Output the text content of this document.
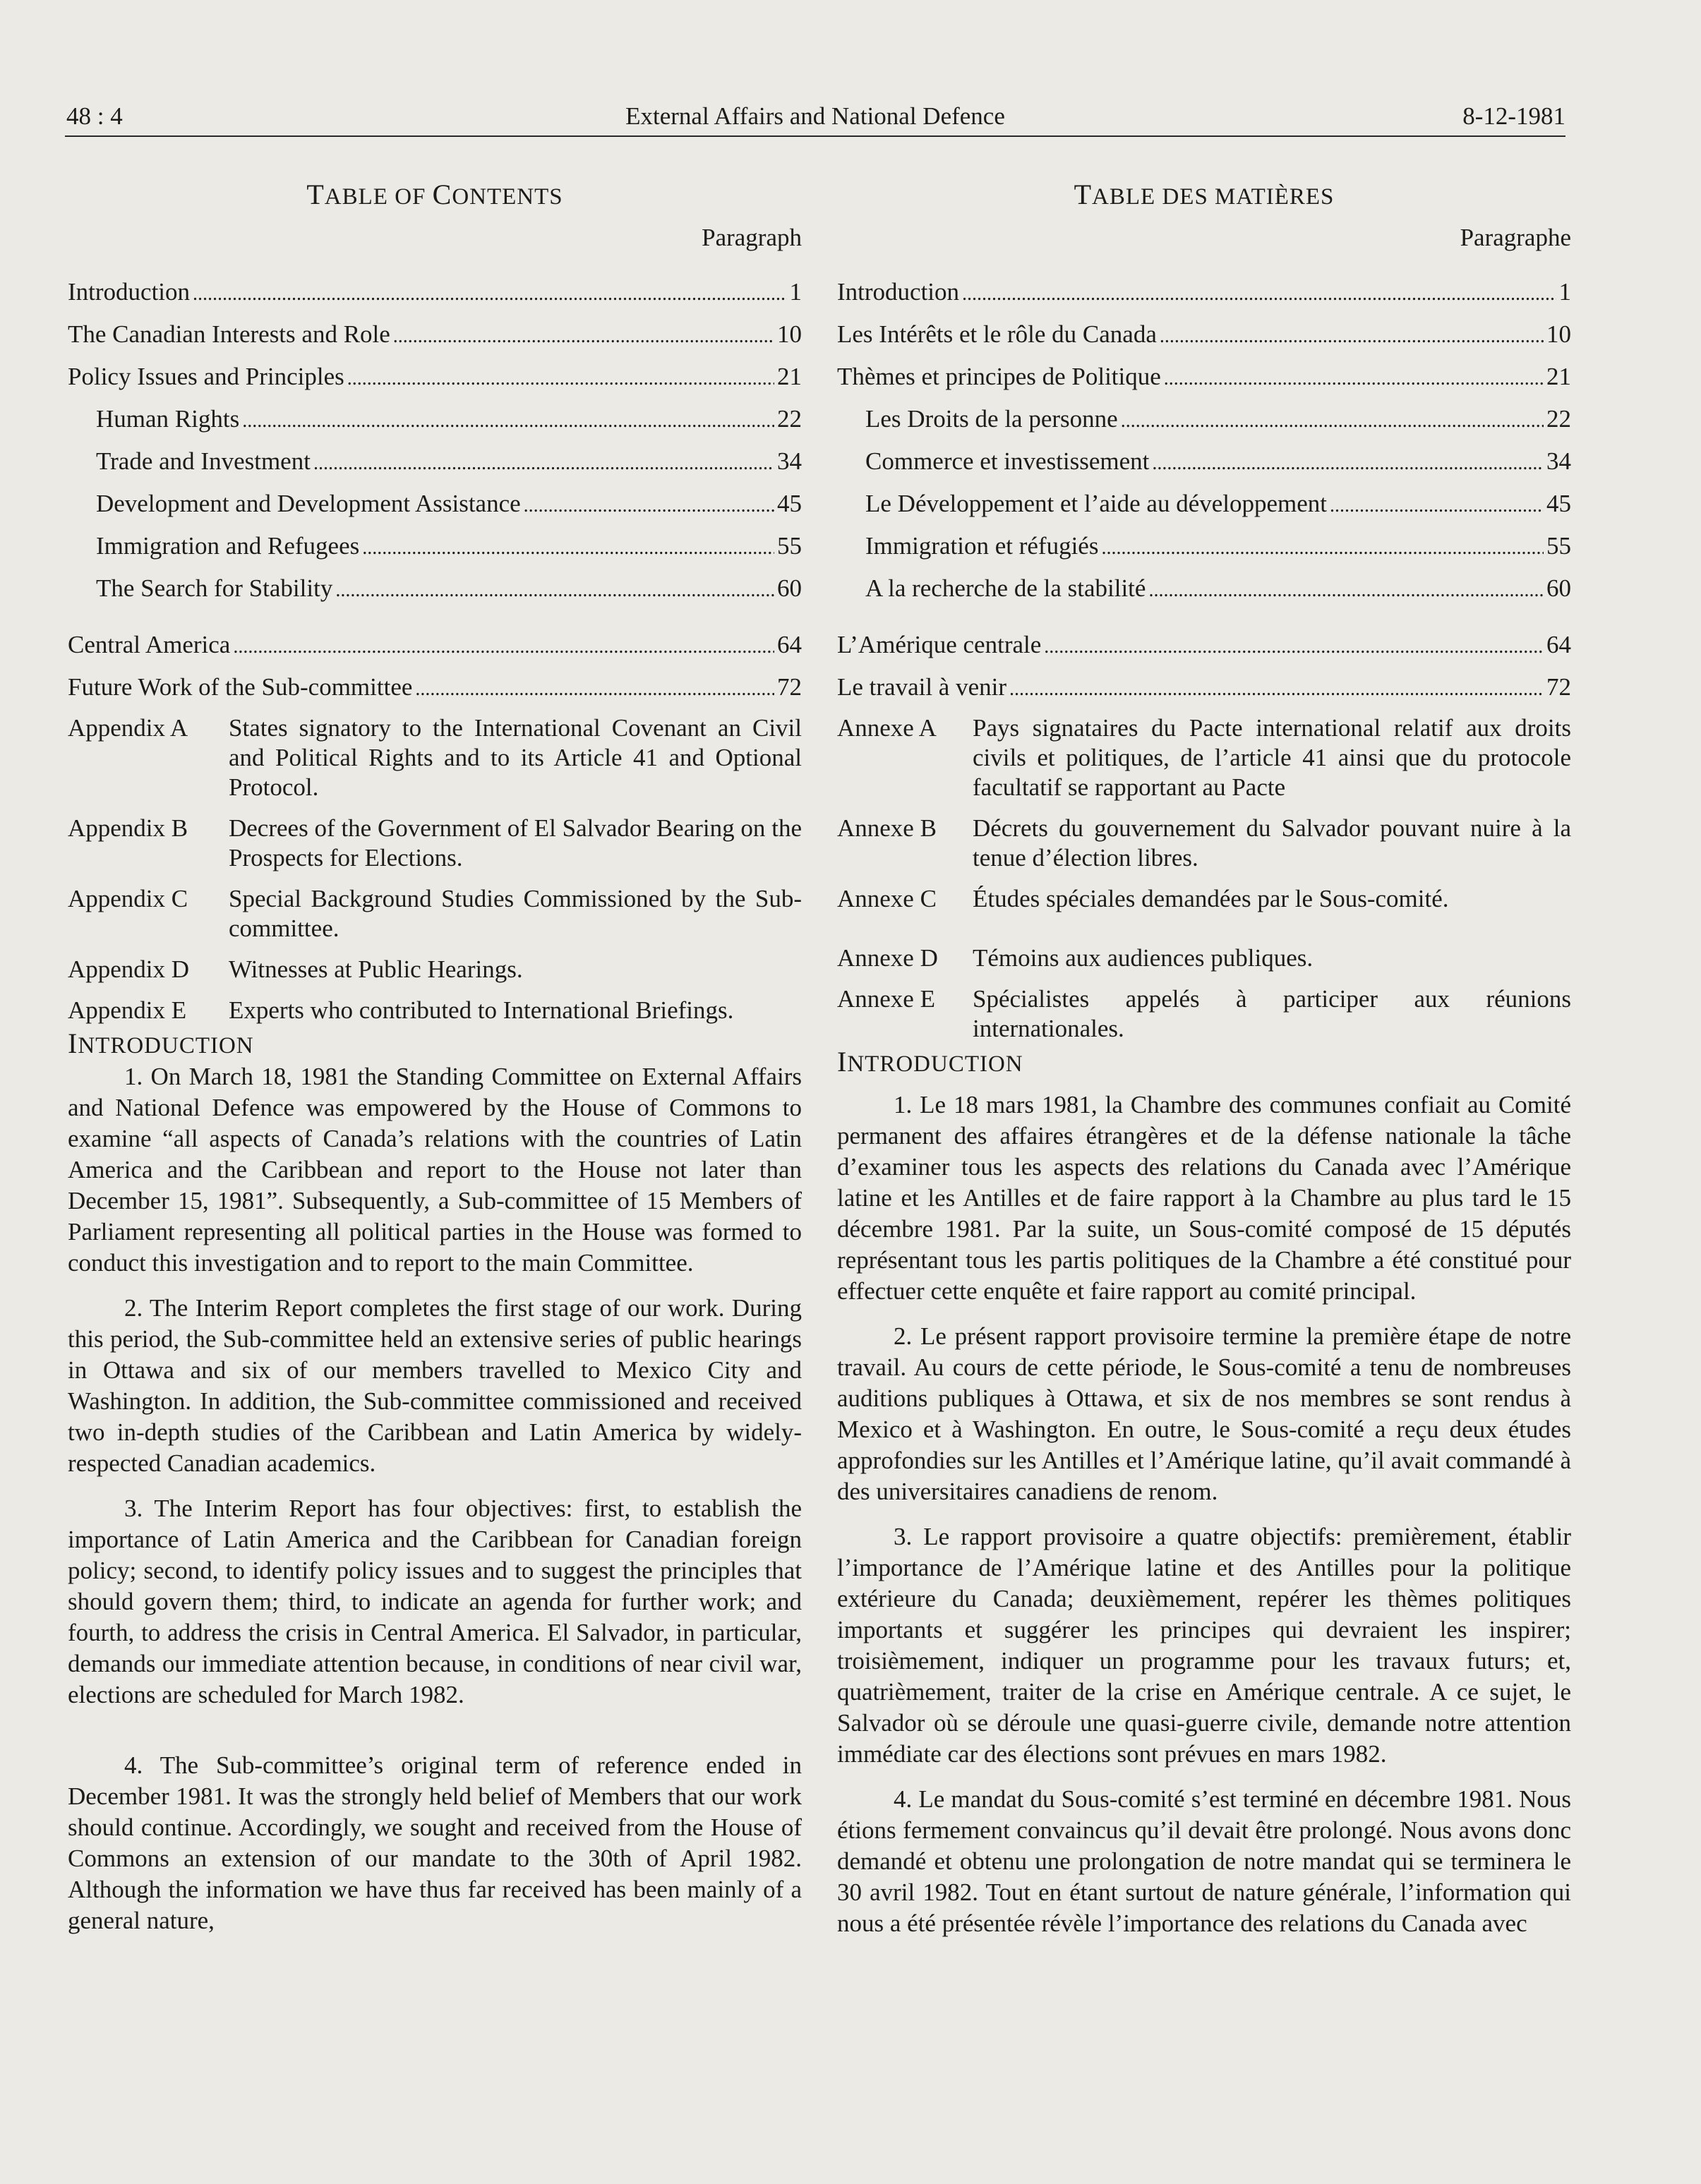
48 : 4	External Affairs and National Defence	8-12-1981
TABLE OF CONTENTS
Paragraph
Introduction .....	1
The Canadian Interests and Role .....	10
Policy Issues and Principles .....	21
Human Rights .....	22
Trade and Investment .....	34
Development and Development Assistance .....	45
Immigration and Refugees .....	55
The Search for Stability .....	60
Central America .....	64
Future Work of the Sub-committee .....	72
Appendix A	States signatory to the International Covenant an Civil and Political Rights and to its Article 41 and Optional Protocol.
Appendix B	Decrees of the Government of El Salvador Bearing on the Prospects for Elections.
Appendix C	Special Background Studies Commissioned by the Sub-committee.
Appendix D	Witnesses at Public Hearings.
Appendix E	Experts who contributed to International Briefings.
INTRODUCTION

1. On March 18, 1981 the Standing Committee on External Affairs and National Defence was empowered by the House of Commons to examine “all aspects of Canada’s relations with the countries of Latin America and the Caribbean and report to the House not later than December 15, 1981”. Subsequently, a Sub-committee of 15 Members of Parliament representing all political parties in the House was formed to conduct this investigation and to report to the main Committee.

2. The Interim Report completes the first stage of our work. During this period, the Sub-committee held an extensive series of public hearings in Ottawa and six of our members travelled to Mexico City and Washington. In addition, the Sub-committee commissioned and received two in-depth studies of the Caribbean and Latin America by widely-respected Canadian academics.

3. The Interim Report has four objectives: first, to establish the importance of Latin America and the Caribbean for Canadian foreign policy; second, to identify policy issues and to suggest the principles that should govern them; third, to indicate an agenda for further work; and fourth, to address the crisis in Central America. El Salvador, in particular, demands our immediate attention because, in conditions of near civil war, elections are scheduled for March 1982.

4. The Sub-committee’s original term of reference ended in December 1981. It was the strongly held belief of Members that our work should continue. Accordingly, we sought and received from the House of Commons an extension of our mandate to the 30th of April 1982. Although the information we have thus far received has been mainly of a general nature,

TABLE DES MATIÈRES
Paragraphe
Introduction .....	1
Les Intérêts et le rôle du Canada .....	10
Thèmes et principes de Politique .....	21
Les Droits de la personne .....	22
Commerce et investissement .....	34
Le Développement et l’aide au développement .....	45
Immigration et réfugiés .....	55
A la recherche de la stabilité .....	60
L’Amérique centrale .....	64
Le travail à venir .....	72
Annexe A	Pays signataires du Pacte international relatif aux droits civils et politiques, de l’article 41 ainsi que du protocole facultatif se rapportant au Pacte
Annexe B	Décrets du gouvernement du Salvador pouvant nuire à la tenue d’élection libres.
Annexe C	Études spéciales demandées par le Sous-comité.
Annexe D	Témoins aux audiences publiques.
Annexe E	Spécialistes appelés à participer aux réunions internationales.
INTRODUCTION

1. Le 18 mars 1981, la Chambre des communes confiait au Comité permanent des affaires étrangères et de la défense nationale la tâche d’examiner tous les aspects des relations du Canada avec l’Amérique latine et les Antilles et de faire rapport à la Chambre au plus tard le 15 décembre 1981. Par la suite, un Sous-comité composé de 15 députés représentant tous les partis politiques de la Chambre a été constitué pour effectuer cette enquête et faire rapport au comité principal.

2. Le présent rapport provisoire termine la première étape de notre travail. Au cours de cette période, le Sous-comité a tenu de nombreuses auditions publiques à Ottawa, et six de nos membres se sont rendus à Mexico et à Washington. En outre, le Sous-comité a reçu deux études approfondies sur les Antilles et l’Amérique latine, qu’il avait commandé à des universitaires canadiens de renom.

3. Le rapport provisoire a quatre objectifs: premièrement, établir l’importance de l’Amérique latine et des Antilles pour la politique extérieure du Canada; deuxièmement, repérer les thèmes politiques importants et suggérer les principes qui devraient les inspirer; troisièmement, indiquer un programme pour les travaux futurs; et, quatrièmement, traiter de la crise en Amérique centrale. A ce sujet, le Salvador où se déroule une quasi-guerre civile, demande notre attention immédiate car des élections sont prévues en mars 1982.

4. Le mandat du Sous-comité s’est terminé en décembre 1981. Nous étions fermement convaincus qu’il devait être prolongé. Nous avons donc demandé et obtenu une prolongation de notre mandat qui se terminera le 30 avril 1982. Tout en étant surtout de nature générale, l’information qui nous a été présentée révèle l’importance des relations du Canada avec
